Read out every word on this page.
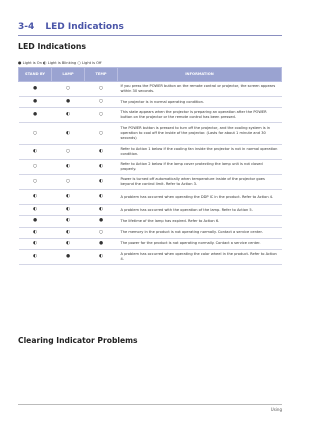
3-4 LED Indications
LED Indications
● Light is On ◐ Light is Blinking ○ Light is Off
STAND BY	LAMP	TEMP	INFORMATION
●	○	○	If you press the POWER button on the remote control or projector, the screen appears within 30 seconds.
●	●	○	The projector is in normal operating condition.
●	◐	○	This state appears when the projector is preparing an operation after the POWER button on the projector or the remote control has been pressed.
○	◐	○	The POWER button is pressed to turn off the projector, and the cooling system is in operation to cool off the inside of the projector. (Lasts for about 1 minute and 30 seconds)
◐	○	◐	Refer to Action 1 below if the cooling fan inside the projector is not in normal operation condition.
○	◐	◐	Refer to Action 2 below if the lamp cover protecting the lamp unit is not closed properly.
○	○	◐	Power is turned off automatically when temperature inside of the projector goes beyond the control limit. Refer to Action 3.
◐	◐	◐	A problem has occurred when operating the DDP IC in the product. Refer to Action 4.
◐	◐	◐	A problem has occurred with the operation of the lamp. Refer to Action 5.
●	◐	●	The lifetime of the lamp has expired. Refer to Action 6.
◐	◐	○	The memory in the product is not operating normally. Contact a service center.
◐	◐	●	The power for the product is not operating normally. Contact a service center.
◐	●	◐	A problem has occurred when operating the color wheel in the product. Refer to Action 4.
Clearing Indicator Problems
Using
